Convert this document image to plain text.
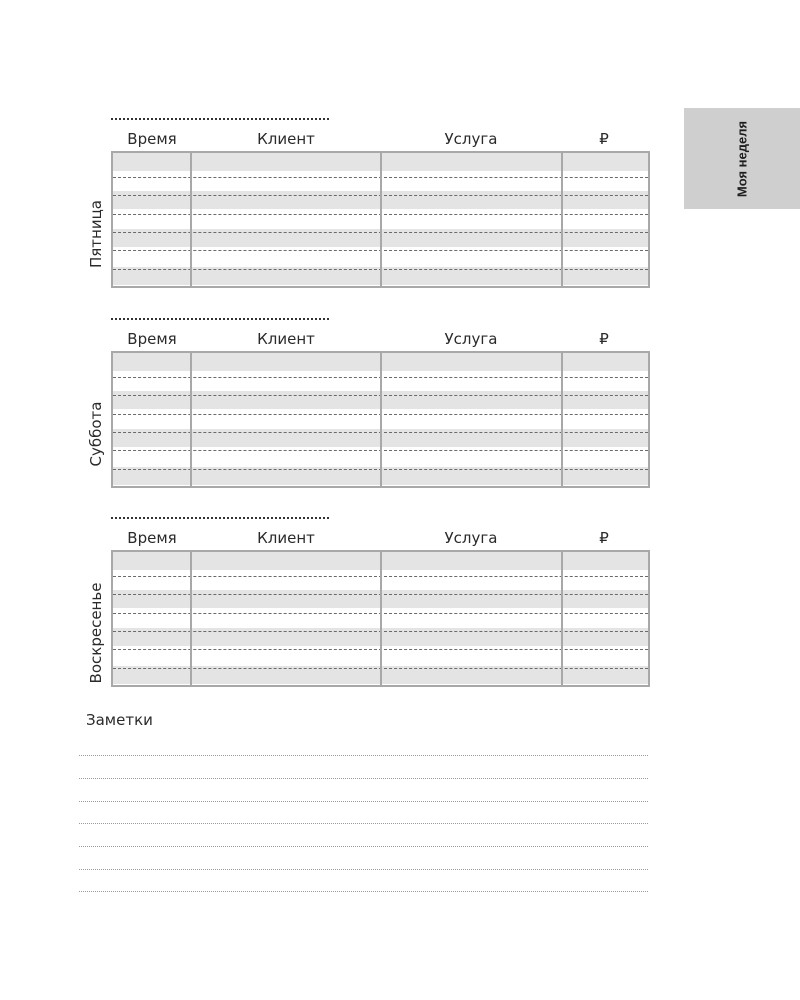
Моя неделя
Пятница
Время	Клиент	Услуга	₽
Суббота
Время	Клиент	Услуга	₽
Воскресенье
Время	Клиент	Услуга	₽
Заметки
